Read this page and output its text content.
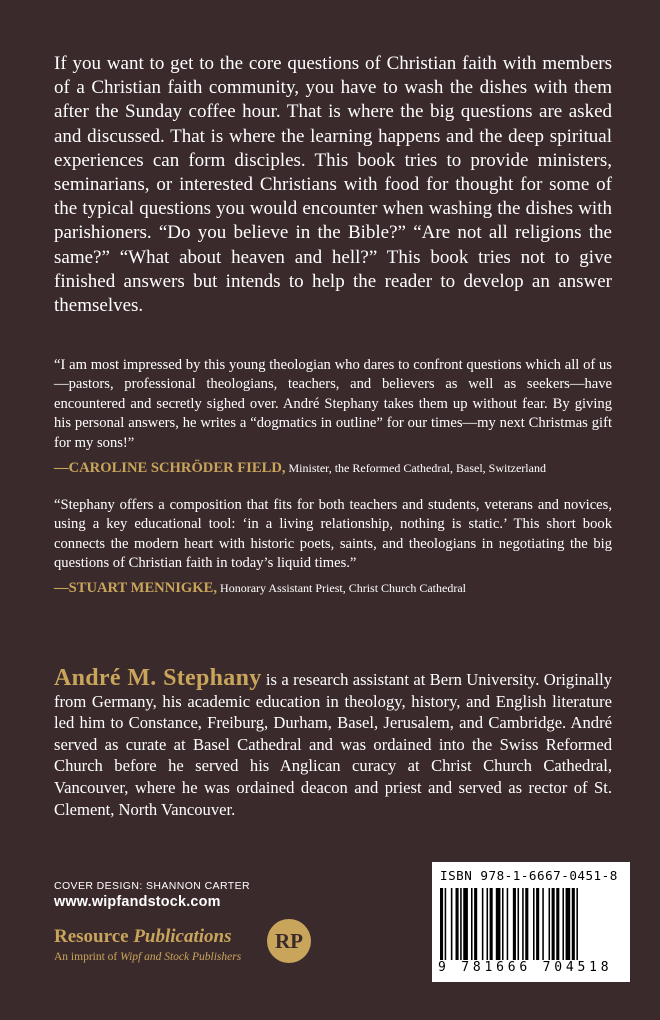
If you want to get to the core questions of Christian faith with members of a Christian faith community, you have to wash the dishes with them after the Sunday coffee hour. That is where the big questions are asked and discussed. That is where the learning happens and the deep spiritual experiences can form disciples. This book tries to provide ministers, seminarians, or interested Christians with food for thought for some of the typical questions you would encounter when washing the dishes with parishioners. “Do you believe in the Bible?” “Are not all religions the same?” “What about heaven and hell?” This book tries not to give finished answers but intends to help the reader to develop an answer themselves.

“I am most impressed by this young theologian who dares to confront questions which all of us—pastors, professional theologians, teachers, and believers as well as seekers—have encountered and secretly sighed over. André Stephany takes them up without fear. By giving his personal answers, he writes a “dogmatics in outline” for our times—my next Christmas gift for my sons!”

—CAROLINE SCHRÖDER FIELD, Minister, the Reformed Cathedral, Basel, Switzerland

“Stephany offers a composition that fits for both teachers and students, veterans and novices, using a key educational tool: ‘in a living relationship, nothing is static.’ This short book connects the modern heart with historic poets, saints, and theologians in negotiating the big questions of Christian faith in today’s liquid times.”

—STUART MENNIGKE, Honorary Assistant Priest, Christ Church Cathedral

André M. Stephany is a research assistant at Bern University. Originally from Germany, his academic education in theology, history, and English literature led him to Constance, Freiburg, Durham, Basel, Jerusalem, and Cambridge. André served as curate at Basel Cathedral and was ordained into the Swiss Reformed Church before he served his Anglican curacy at Christ Church Cathedral, Vancouver, where he was ordained deacon and priest and served as rector of St. Clement, North Vancouver.

COVER DESIGN: SHANNON CARTER
www.wipfandstock.com
Resource Publications
An imprint of Wipf and Stock Publishers
RP
ISBN 978-1-6667-0451-8
9 781666 704518
